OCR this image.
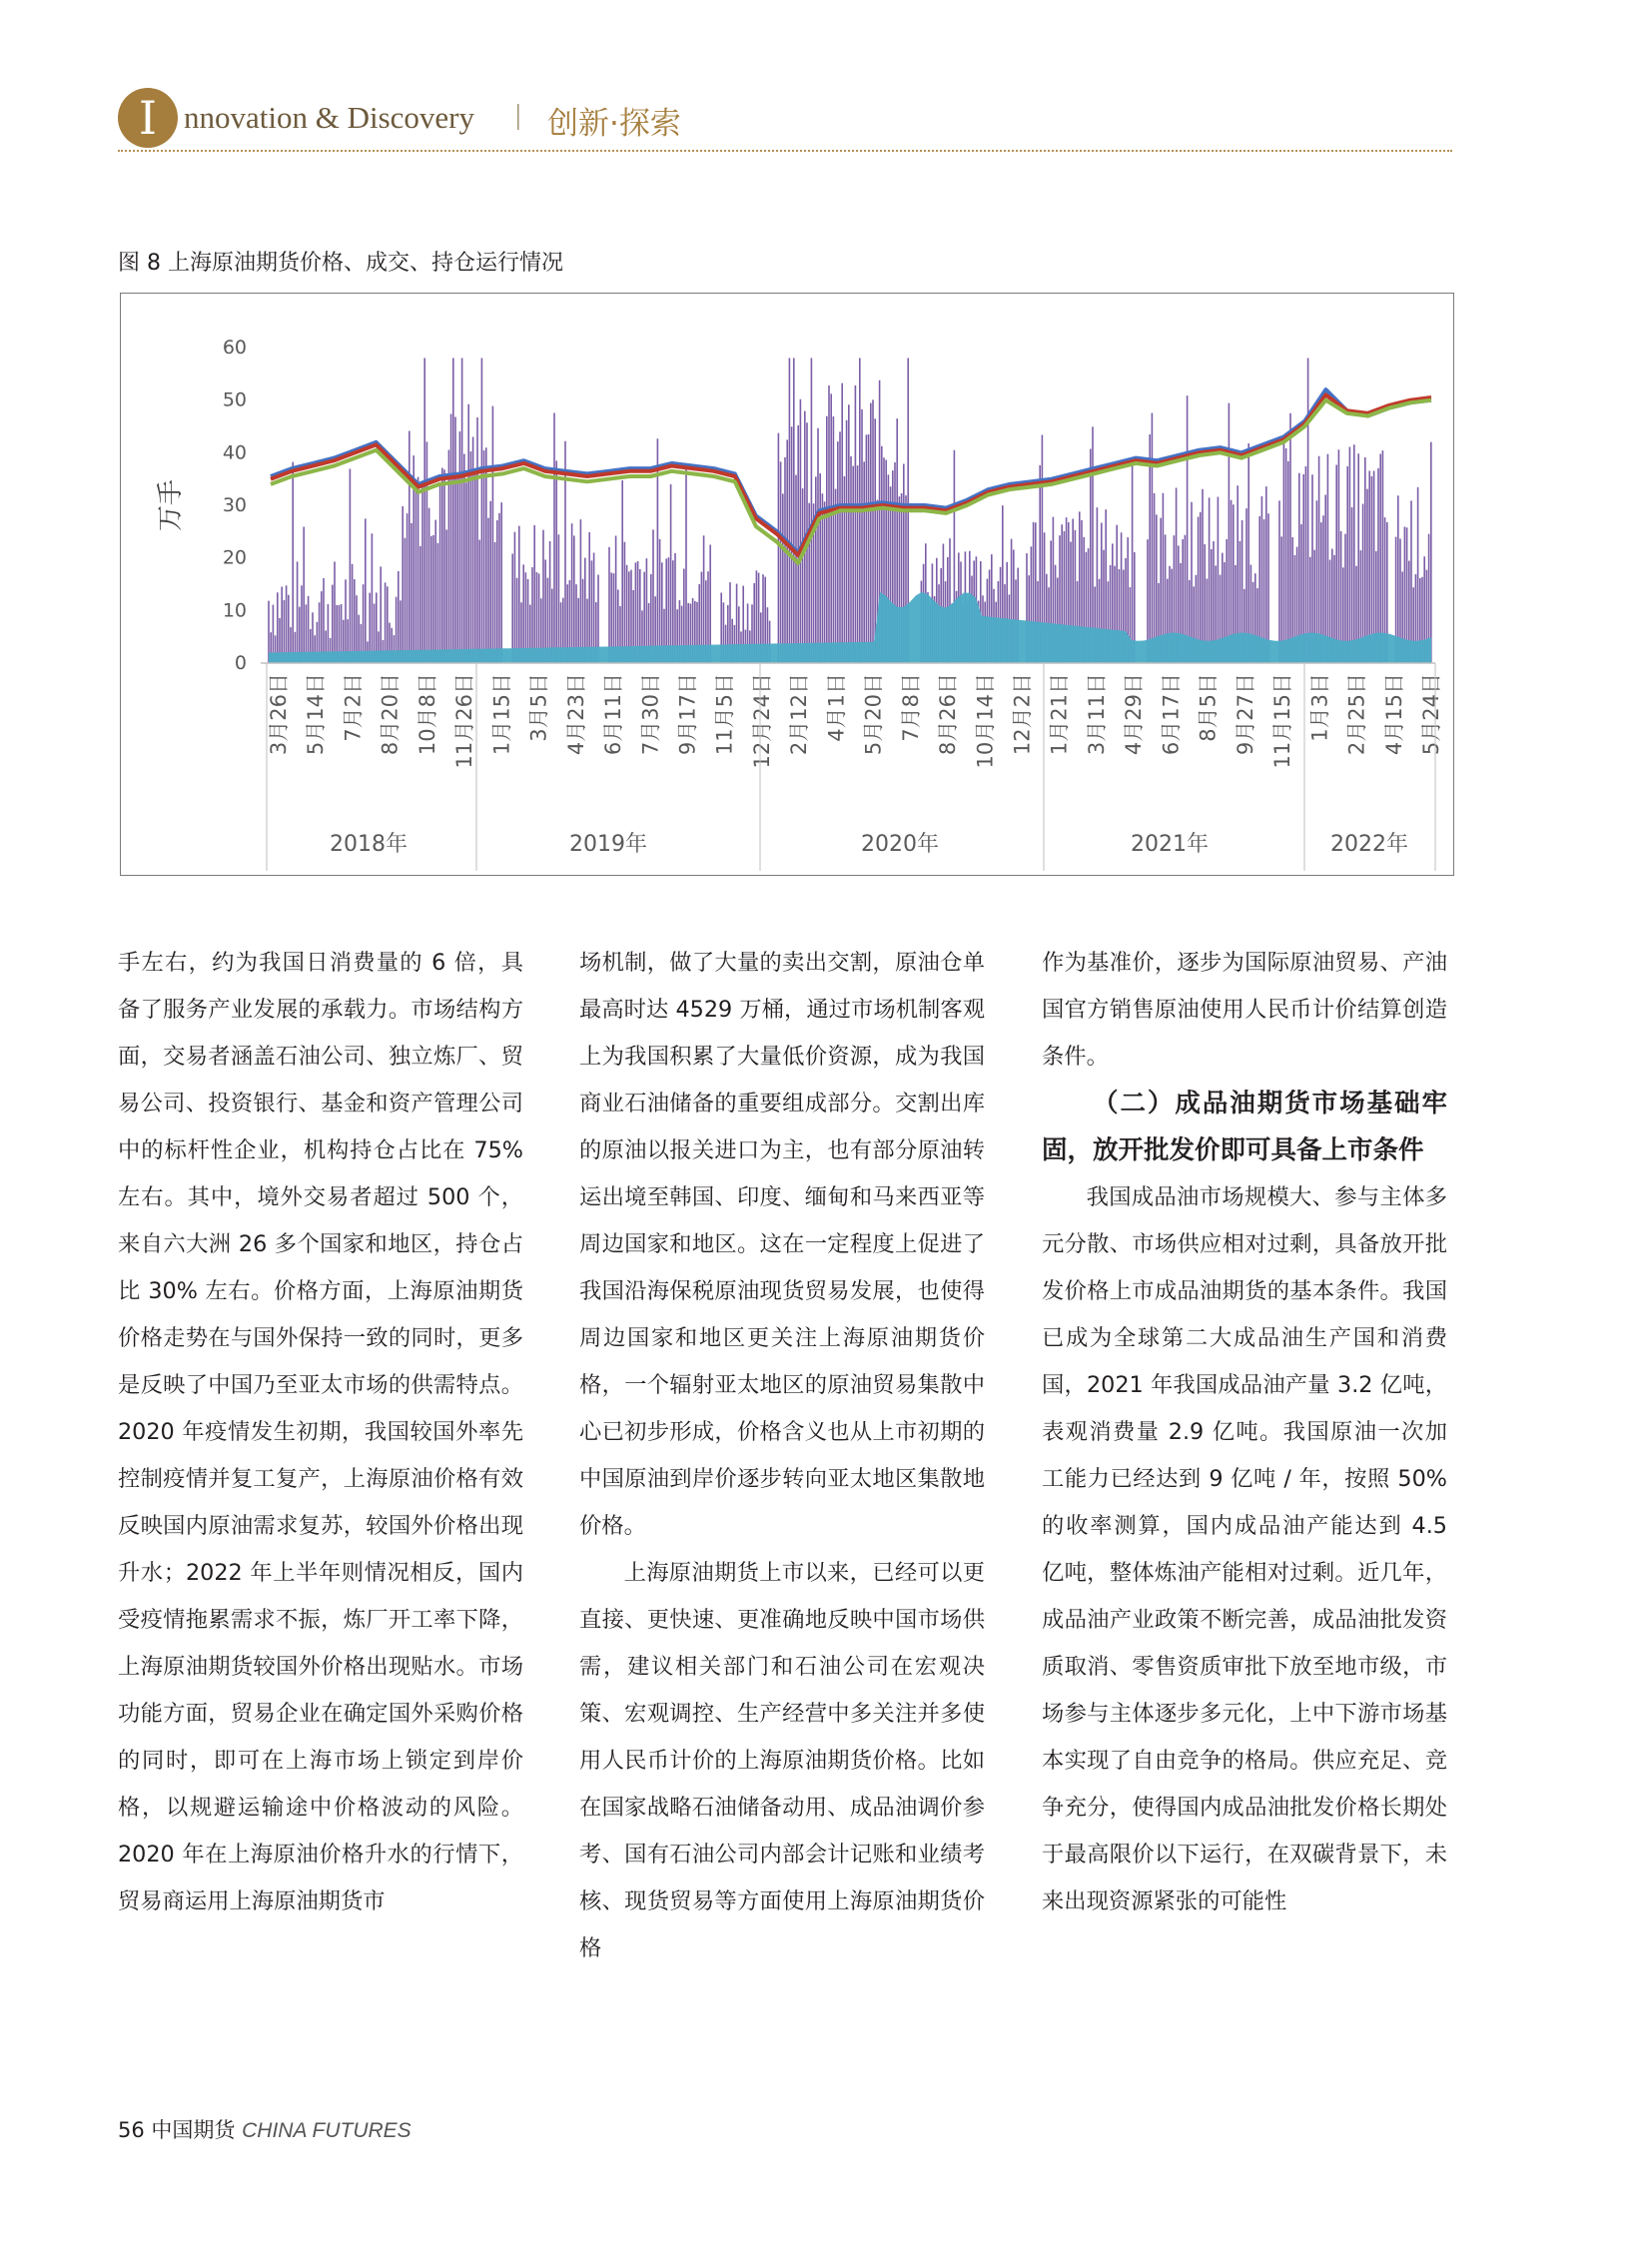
I nnovation & Discovery | 创新·探索
图 8 上海原油期货价格、成交、持仓运行情况
0
10
20
30
40
50
60
万手
3月26日 5月14日 7月2日 8月20日 10月8日 11月26日 1月15日 3月5日 4月23日 6月11日 7月30日 9月17日 11月5日 12月24日 2月12日 4月1日 5月20日 7月8日 8月26日 10月14日 12月2日 1月21日 3月11日 4月29日 6月17日 8月5日 9月27日 11月15日 1月3日 2月25日 4月15日 5月24日
2018年	2019年	2020年	2021年	2022年

手左右，约为我国日消费量的 6 倍，具备了服务产业发展的承载力。市场结构方面，交易者涵盖石油公司、独立炼厂、贸易公司、投资银行、基金和资产管理公司中的标杆性企业，机构持仓占比在 75% 左右。其中，境外交易者超过 500 个，来自六大洲 26 多个国家和地区，持仓占比 30% 左右。价格方面，上海原油期货价格走势在与国外保持一致的同时，更多是反映了中国乃至亚太市场的供需特点。2020 年疫情发生初期，我国较国外率先控制疫情并复工复产，上海原油价格有效反映国内原油需求复苏，较国外价格出现升水；2022 年上半年则情况相反，国内受疫情拖累需求不振，炼厂开工率下降，上海原油期货较国外价格出现贴水。市场功能方面，贸易企业在确定国外采购价格的同时，即可在上海市场上锁定到岸价格，以规避运输途中价格波动的风险。2020 年在上海原油价格升水的行情下，贸易商运用上海原油期货市

场机制，做了大量的卖出交割，原油仓单最高时达 4529 万桶，通过市场机制客观上为我国积累了大量低价资源，成为我国商业石油储备的重要组成部分。交割出库的原油以报关进口为主，也有部分原油转运出境至韩国、印度、缅甸和马来西亚等周边国家和地区。这在一定程度上促进了我国沿海保税原油现货贸易发展，也使得周边国家和地区更关注上海原油期货价格，一个辐射亚太地区的原油贸易集散中心已初步形成，价格含义也从上市初期的中国原油到岸价逐步转向亚太地区集散地价格。

上海原油期货上市以来，已经可以更直接、更快速、更准确地反映中国市场供需，建议相关部门和石油公司在宏观决策、宏观调控、生产经营中多关注并多使用人民币计价的上海原油期货价格。比如在国家战略石油储备动用、成品油调价参考、国有石油公司内部会计记账和业绩考核、现货贸易等方面使用上海原油期货价格

作为基准价，逐步为国际原油贸易、产油国官方销售原油使用人民币计价结算创造条件。

（二）成品油期货市场基础牢固，放开批发价即可具备上市条件

我国成品油市场规模大、参与主体多元分散、市场供应相对过剩，具备放开批发价格上市成品油期货的基本条件。我国已成为全球第二大成品油生产国和消费国，2021 年我国成品油产量 3.2 亿吨，表观消费量 2.9 亿吨。我国原油一次加工能力已经达到 9 亿吨 / 年，按照 50% 的收率测算，国内成品油产能达到 4.5 亿吨，整体炼油产能相对过剩。近几年，成品油产业政策不断完善，成品油批发资质取消、零售资质审批下放至地市级，市场参与主体逐步多元化，上中下游市场基本实现了自由竞争的格局。供应充足、竞争充分，使得国内成品油批发价格长期处于最高限价以下运行，在双碳背景下，未来出现资源紧张的可能性

56 中国期货 CHINA FUTURES
